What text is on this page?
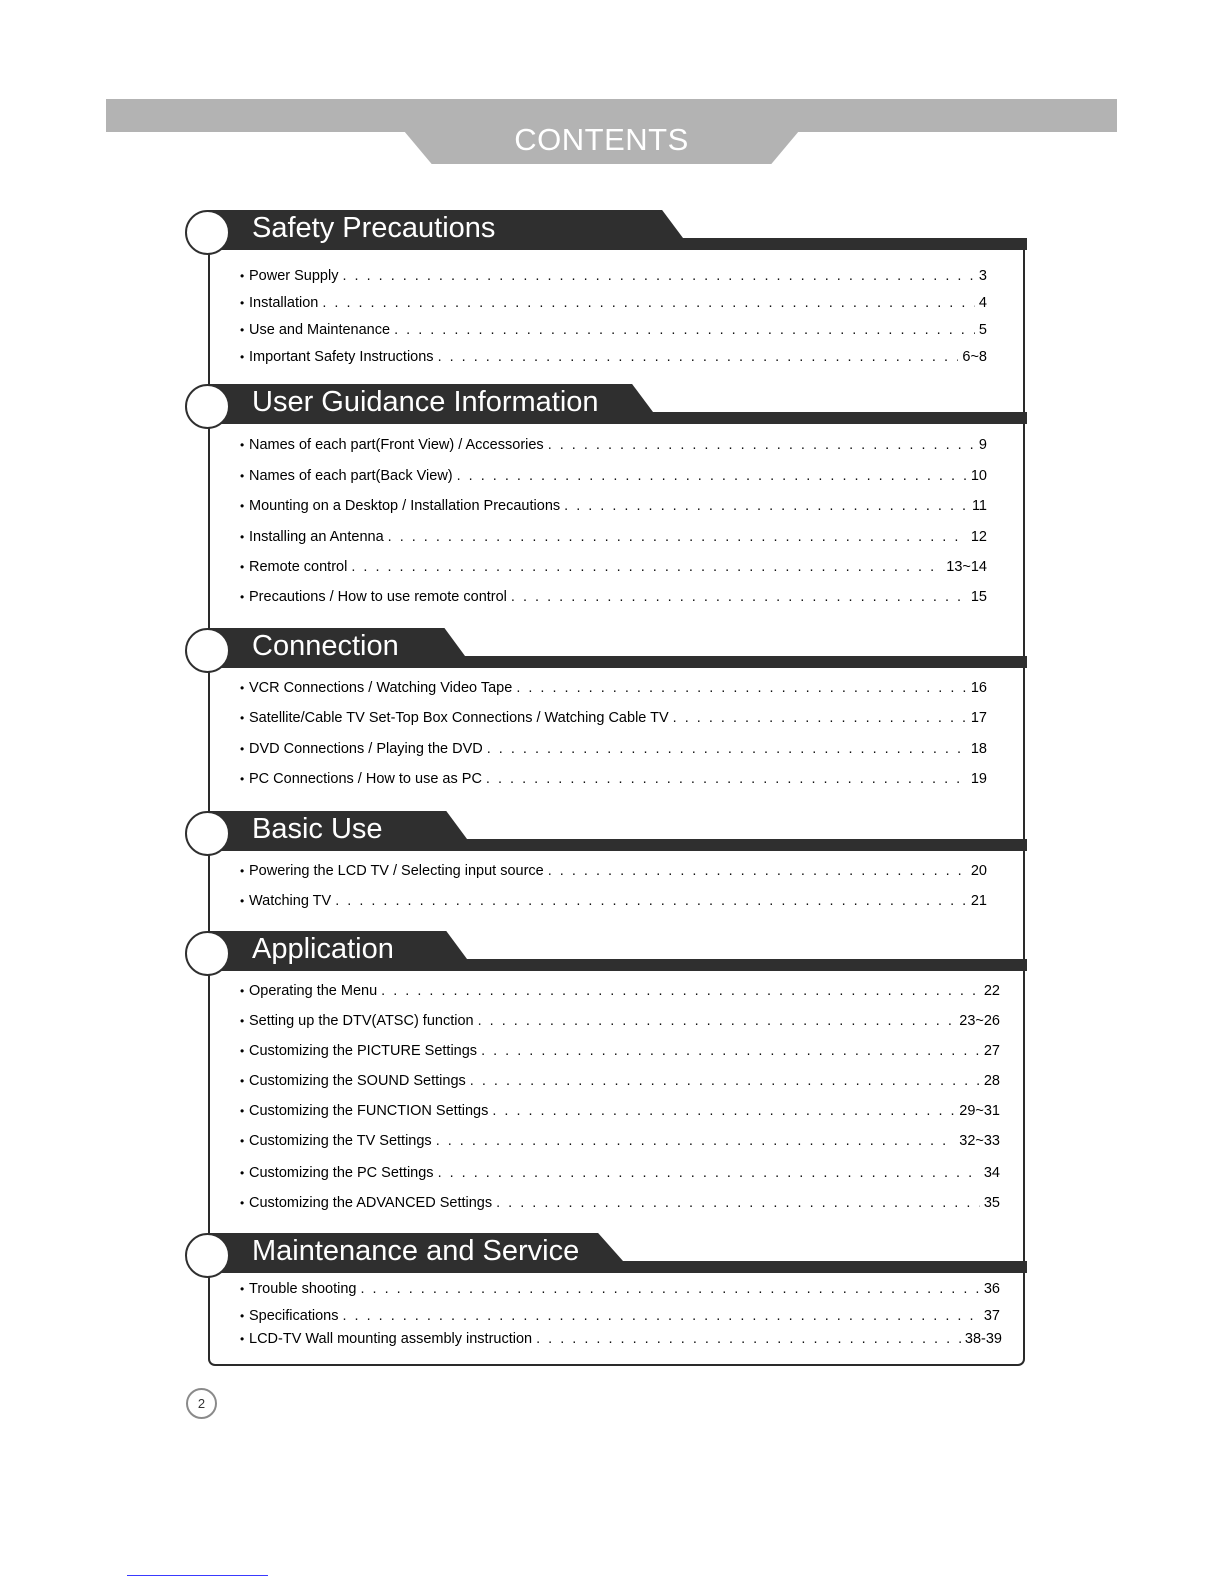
CONTENTS
Safety Precautions
• Power Supply . . .	3
• Installation . . .	4
• Use and Maintenance . . .	5
• Important Safety Instructions . . .	6~8
User Guidance Information
• Names of each part(Front View) / Accessories . . .	9
• Names of each part(Back View) . . .	10
• Mounting on a Desktop / Installation Precautions . . .	11
• Installing an Antenna . . .	12
• Remote control . . .	13~14
• Precautions / How to use remote control . . .	15
Connection
• VCR Connections / Watching Video Tape . . .	16
• Satellite/Cable TV Set-Top Box Connections / Watching Cable TV . . .	17
• DVD Connections / Playing the DVD . . .	18
• PC Connections / How to use as PC . . .	19
Basic Use
• Powering the LCD TV / Selecting input source . . .	20
• Watching TV . . .	21
Application
• Operating the Menu . . .	22
• Setting up the DTV(ATSC) function . . .	23~26
• Customizing the PICTURE Settings . . .	27
• Customizing the SOUND Settings . . .	28
• Customizing the FUNCTION Settings . . .	29~31
• Customizing the TV Settings . . .	32~33
• Customizing the PC Settings . . .	34
• Customizing the ADVANCED Settings . . .	35
Maintenance and Service
• Trouble shooting . . .	36
• Specifications . . .	37
• LCD-TV Wall mounting assembly instruction . . .	38-39
2
